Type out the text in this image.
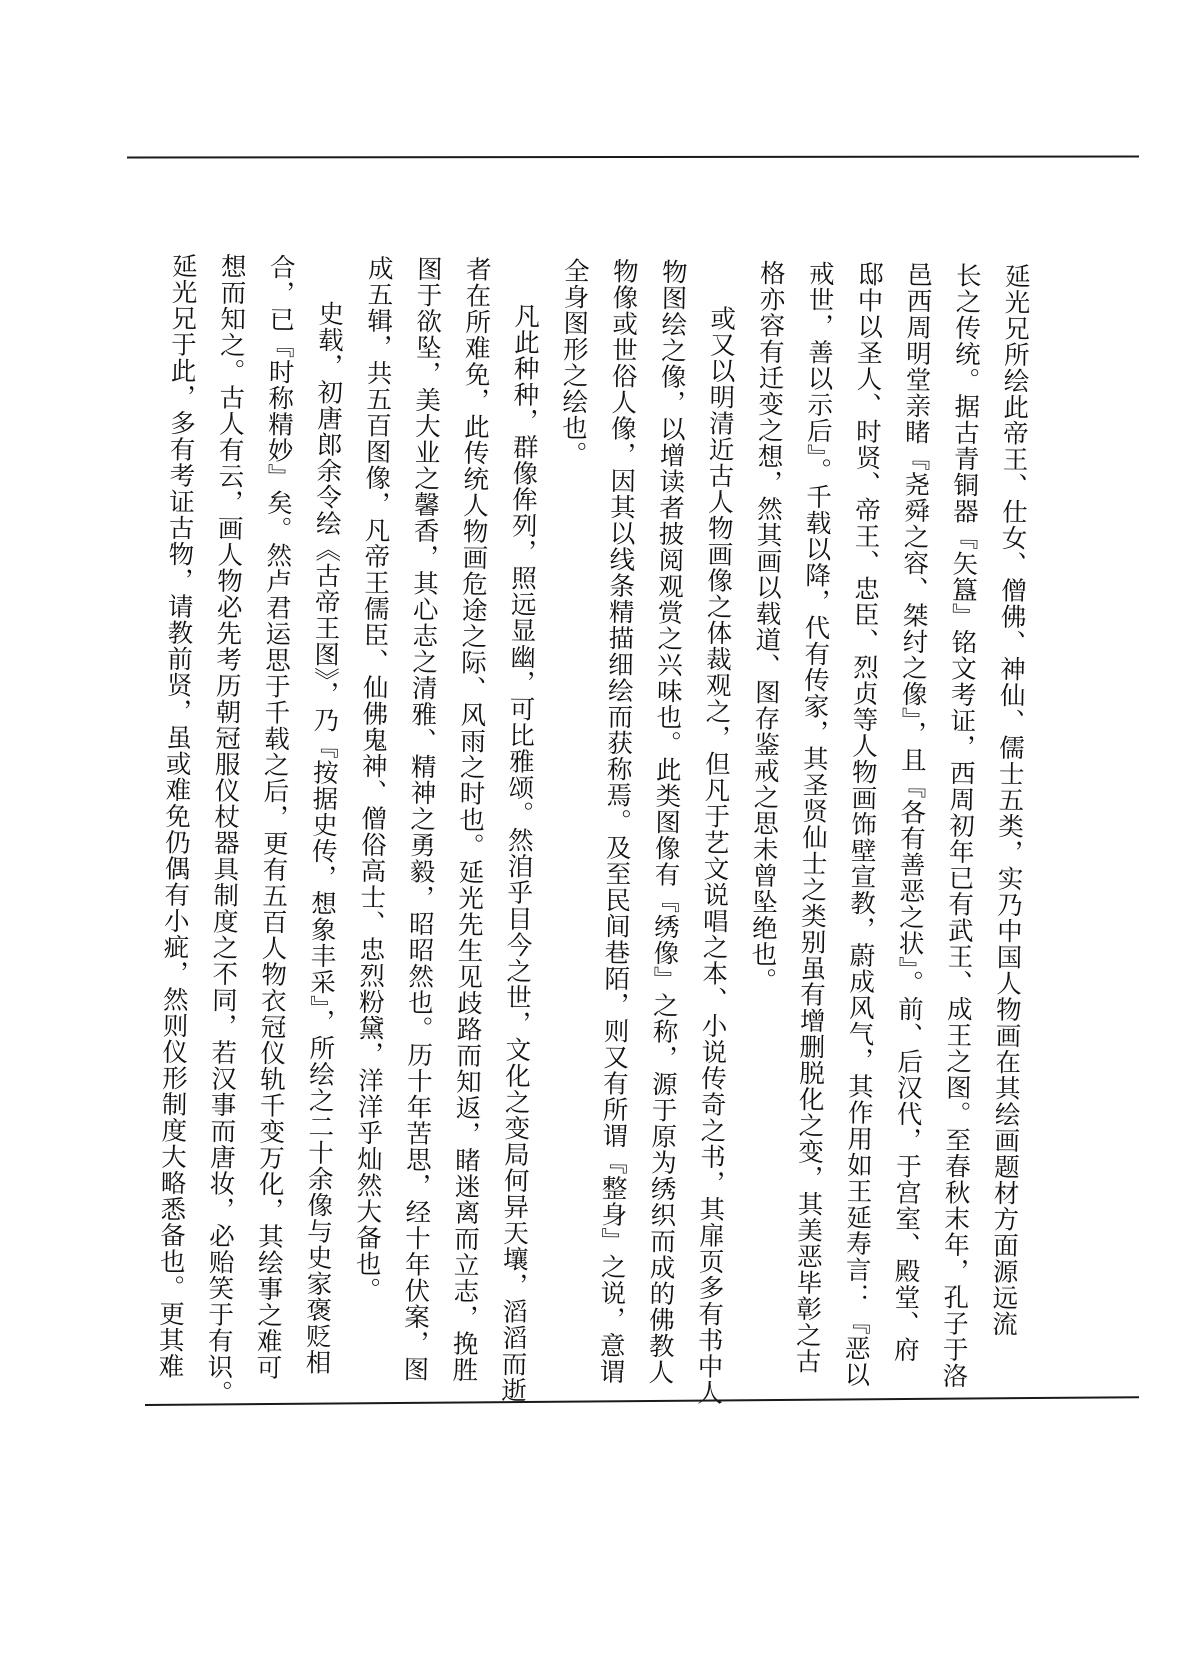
延光兄所绘此帝王、仕女、僧佛、神仙、儒士五类，实乃中国人物画在其绘画题材方面源远流
长之传统。据古青铜器『矢簋』铭文考证，西周初年已有武王、成王之图。至春秋末年，孔子于洛
邑西周明堂亲睹『尧舜之容、桀纣之像』，且『各有善恶之状』。前、后汉代，于宫室、殿堂、府
邸中以圣人、时贤、帝王、忠臣、烈贞等人物画饰壁宣教，蔚成风气，其作用如王延寿言：『恶以
戒世，善以示后』。千载以降，代有传家，其圣贤仙士之类别虽有增删脱化之变，其美恶毕彰之古
格亦容有迁变之想，然其画以载道、图存鉴戒之思未曾坠绝也。
或又以明清近古人物画像之体裁观之，但凡于艺文说唱之本、小说传奇之书，其扉页多有书中人
物图绘之像，以增读者披阅观赏之兴味也。此类图像有『绣像』之称，源于原为绣织而成的佛教人
物像或世俗人像，因其以线条精描细绘而获称焉。及至民间巷陌，则又有所谓『整身』之说，意谓
全身图形之绘也。
凡此种种，群像侔列，照远显幽，可比雅颂。然洎乎目今之世，文化之变局何异天壤，滔滔而逝
者在所难免，此传统人物画危途之际、风雨之时也。延光先生见歧路而知返，睹迷离而立志，挽胜
图于欲坠，美大业之馨香，其心志之清雅、精神之勇毅，昭昭然也。历十年苦思，经十年伏案，图
成五辑，共五百图像，凡帝王儒臣、仙佛鬼神、僧俗高士、忠烈粉黛，洋洋乎灿然大备也。
史载，初唐郎余令绘《古帝王图》，乃『按据史传，想象丰采』，所绘之二十余像与史家褒贬相
合，已『时称精妙』矣。然卢君运思于千载之后，更有五百人物衣冠仪轨千变万化，其绘事之难可
想而知之。古人有云，画人物必先考历朝冠服仪杖器具制度之不同，若汉事而唐妆，必贻笑于有识。
延光兄于此，多有考证古物，请教前贤，虽或难免仍偶有小疵，然则仪形制度大略悉备也。更其难
